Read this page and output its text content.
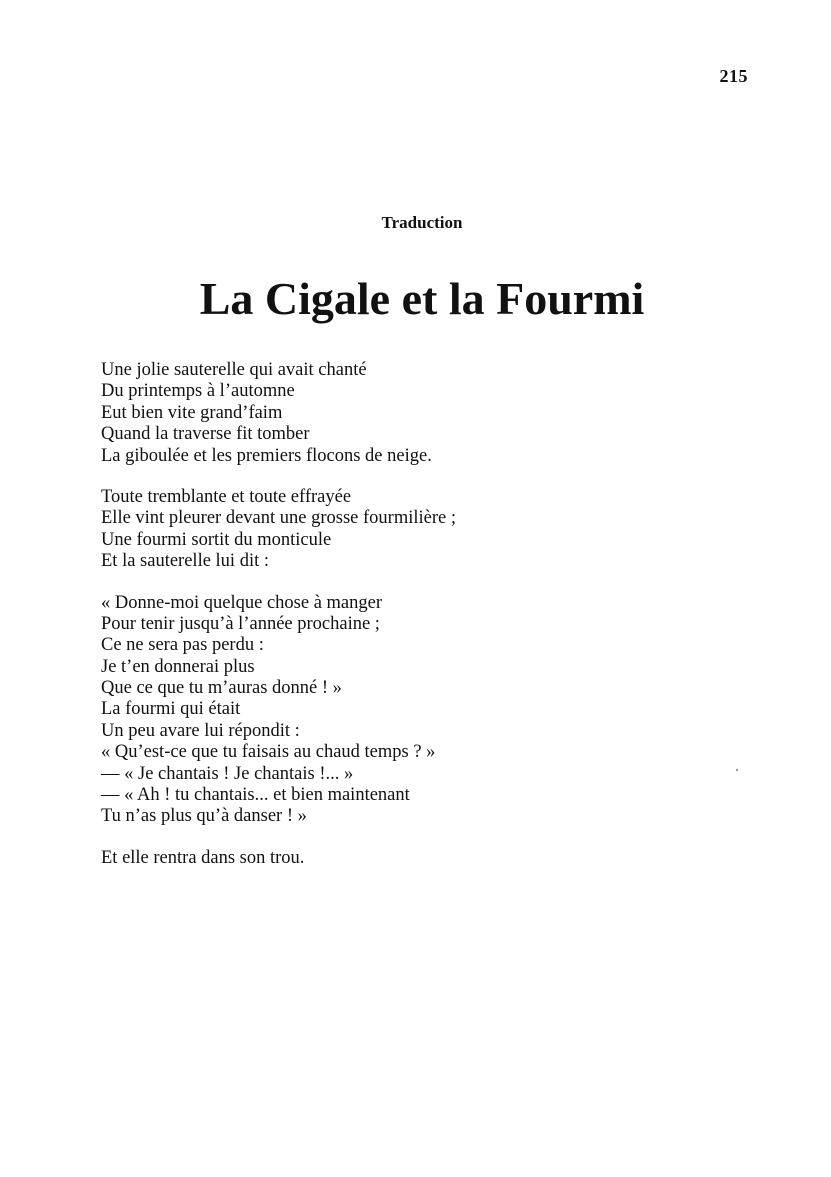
215
Traduction
La Cigale et la Fourmi
Une jolie sauterelle qui avait chanté
Du printemps à l’automne
Eut bien vite grand’faim
Quand la traverse fit tomber
La giboulée et les premiers flocons de neige.
Toute tremblante et toute effrayée
Elle vint pleurer devant une grosse fourmilière ;
Une fourmi sortit du monticule
Et la sauterelle lui dit :
« Donne-moi quelque chose à manger
Pour tenir jusqu’à l’année prochaine ;
Ce ne sera pas perdu :
Je t’en donnerai plus
Que ce que tu m’auras donné ! »
La fourmi qui était
Un peu avare lui répondit :
« Qu’est-ce que tu faisais au chaud temps ? »
— « Je chantais ! Je chantais !... »
— « Ah ! tu chantais... et bien maintenant
Tu n’as plus qu’à danser ! »
Et elle rentra dans son trou.
